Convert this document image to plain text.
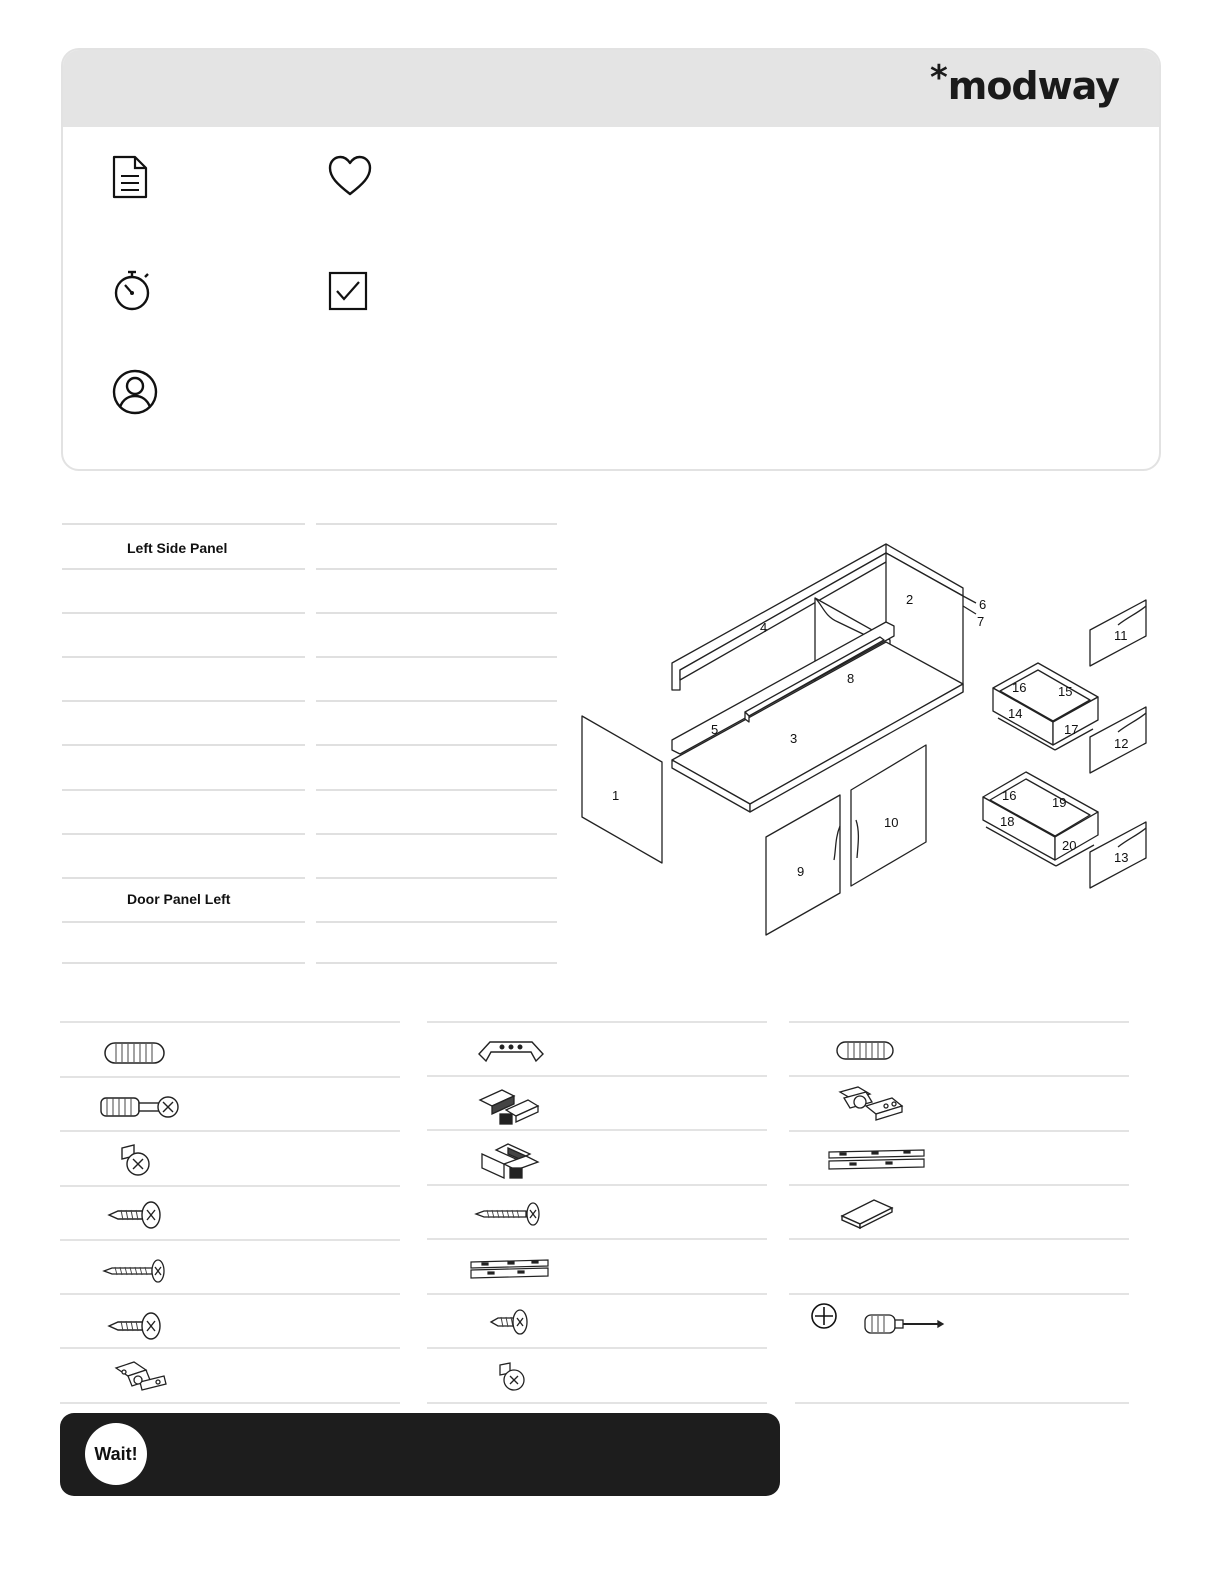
*modway
Left Side Panel
Door Panel Left
1
2
3
4
5
6
7
8
9
10
11
12
13
14
15
16
17
16	19
18
20
Wait!
